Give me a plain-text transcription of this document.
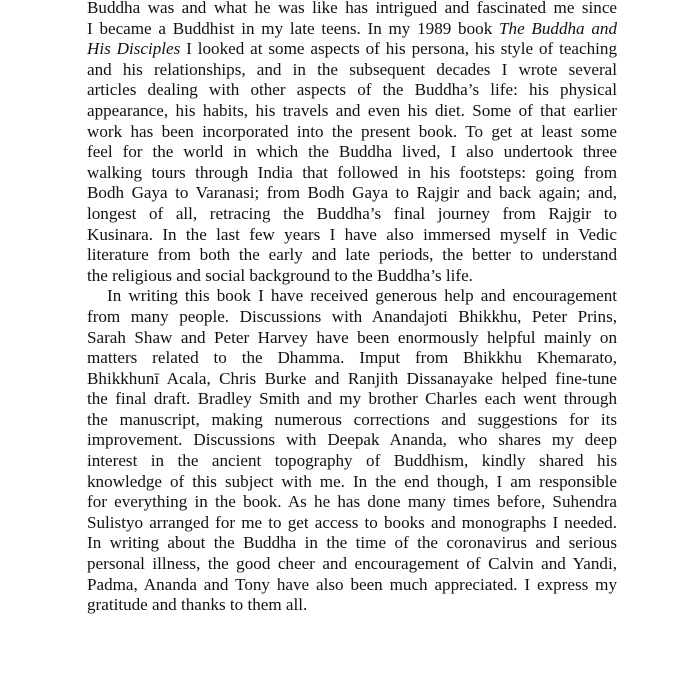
Buddha was and what he was like has intrigued and fascinated me since
I became a Buddhist in my late teens. In my 1989 book The Buddha and
His Disciples I looked at some aspects of his persona, his style of teaching
and his relationships, and in the subsequent decades I wrote several
articles dealing with other aspects of the Buddha’s life: his physical
appearance, his habits, his travels and even his diet. Some of that earlier
work has been incorporated into the present book. To get at least some
feel for the world in which the Buddha lived, I also undertook three
walking tours through India that followed in his footsteps: going from
Bodh Gaya to Varanasi; from Bodh Gaya to Rajgir and back again; and,
longest of all, retracing the Buddha’s final journey from Rajgir to
Kusinara. In the last few years I have also immersed myself in Vedic
literature from both the early and late periods, the better to understand
the religious and social background to the Buddha’s life.
In writing this book I have received generous help and encouragement
from many people. Discussions with Anandajoti Bhikkhu, Peter Prins,
Sarah Shaw and Peter Harvey have been enormously helpful mainly on
matters related to the Dhamma. Imput from Bhikkhu Khemarato,
Bhikkhunī Acala, Chris Burke and Ranjith Dissanayake helped fine-tune
the final draft. Bradley Smith and my brother Charles each went through
the manuscript, making numerous corrections and suggestions for its
improvement. Discussions with Deepak Ananda, who shares my deep
interest in the ancient topography of Buddhism, kindly shared his
knowledge of this subject with me. In the end though, I am responsible
for everything in the book. As he has done many times before, Suhendra
Sulistyo arranged for me to get access to books and monographs I needed.
In writing about the Buddha in the time of the coronavirus and serious
personal illness, the good cheer and encouragement of Calvin and Yandi,
Padma, Ananda and Tony have also been much appreciated. I express my
gratitude and thanks to them all.
